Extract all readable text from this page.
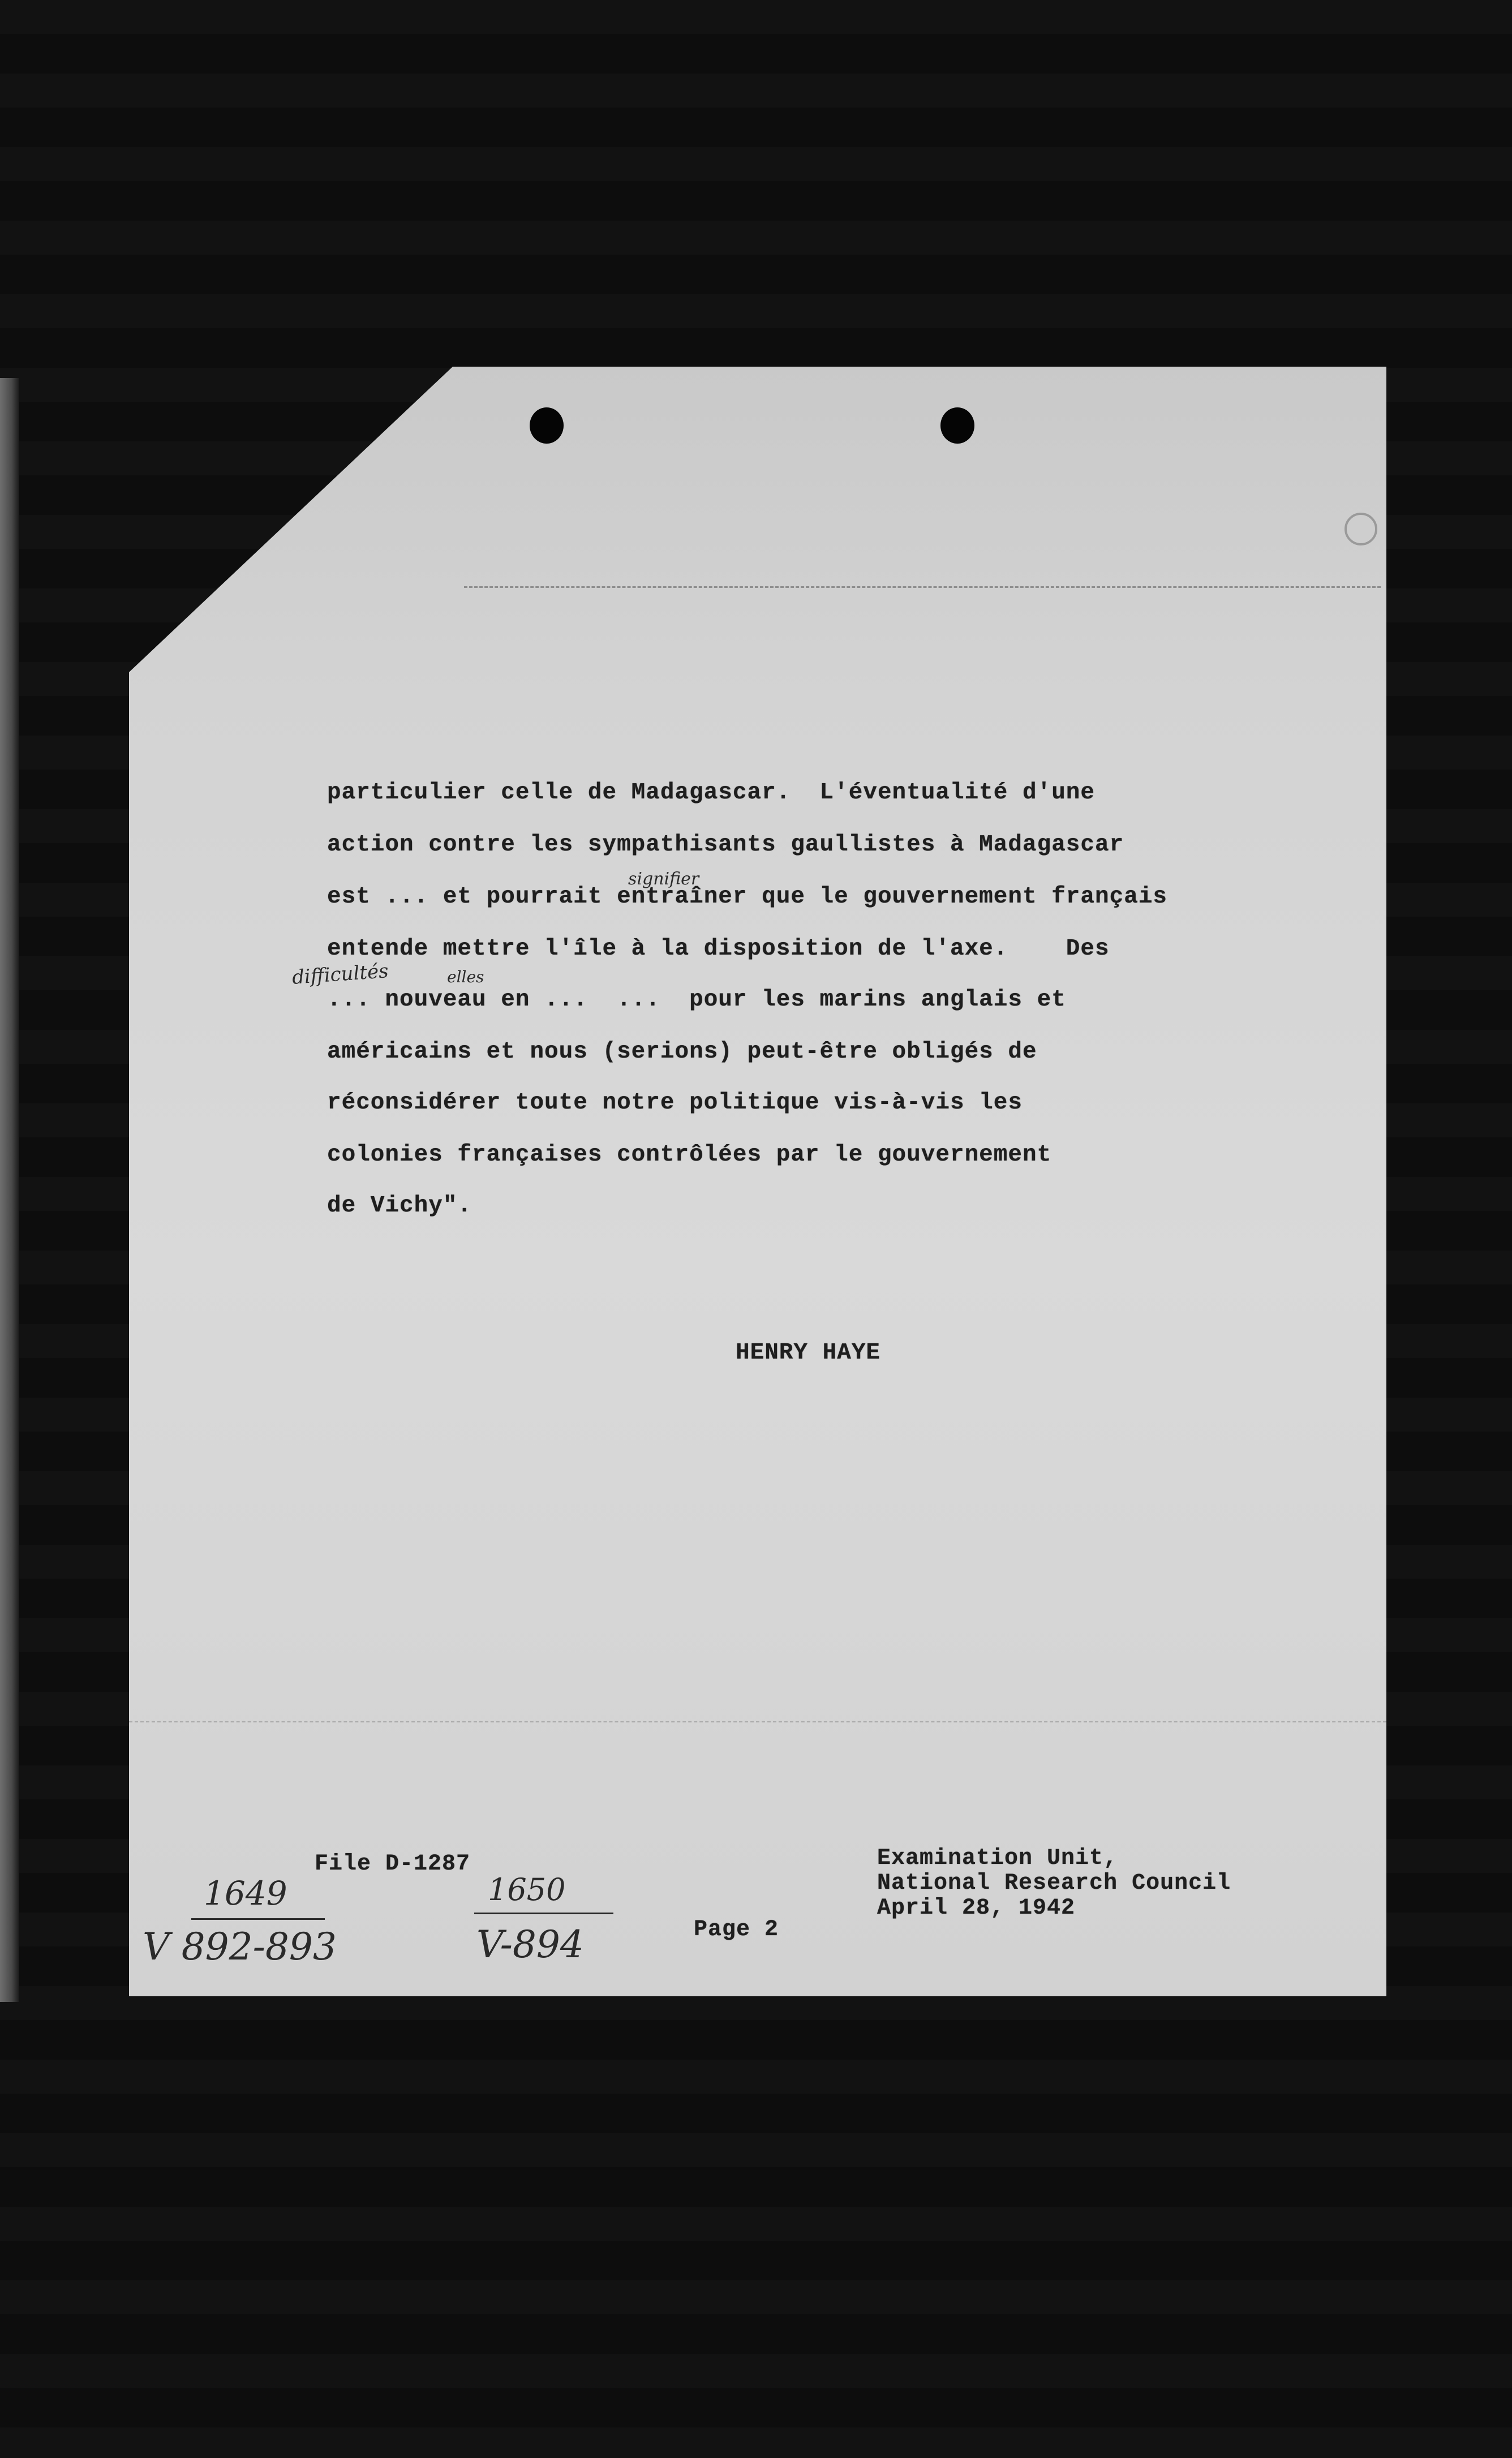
particulier celle de Madagascar.  L'éventualité d'une

action contre les sympathisants gaullistes à Madagascar

est ... et pourrait entraîner que le gouvernement français

entende mettre l'île à la disposition de l'axe.    Des

... nouveau en ...  ...  pour les marins anglais et

américains et nous (serions) peut-être obligés de

réconsidérer toute notre politique vis-à-vis les

colonies françaises contrôlées par le gouvernement

de Vichy".

signifier
difficultés	elles
HENRY HAYE
File D-1287
Page 2
Examination Unit,
National Research Council
April 28, 1942
1649
V 892-893
1650
V-894
